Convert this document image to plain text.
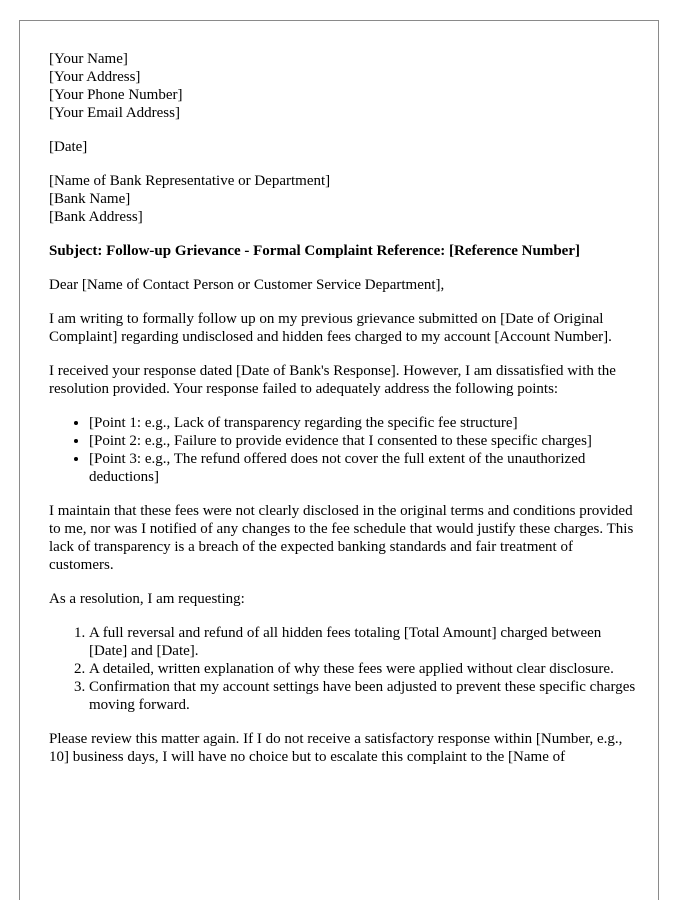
[Your Name]
[Your Address]
[Your Phone Number]
[Your Email Address]
[Date]
[Name of Bank Representative or Department]
[Bank Name]
[Bank Address]

Subject: Follow-up Grievance - Formal Complaint Reference: [Reference Number]

Dear [Name of Contact Person or Customer Service Department],

I am writing to formally follow up on my previous grievance submitted on [Date of Original Complaint] regarding undisclosed and hidden fees charged to my account [Account Number].

I received your response dated [Date of Bank's Response]. However, I am dissatisfied with the resolution provided. Your response failed to adequately address the following points:

• [Point 1: e.g., Lack of transparency regarding the specific fee structure]
• [Point 2: e.g., Failure to provide evidence that I consented to these specific charges]
• [Point 3: e.g., The refund offered does not cover the full extent of the unauthorized deductions]

I maintain that these fees were not clearly disclosed in the original terms and conditions provided to me, nor was I notified of any changes to the fee schedule that would justify these charges. This lack of transparency is a breach of the expected banking standards and fair treatment of customers.

As a resolution, I am requesting:

1. A full reversal and refund of all hidden fees totaling [Total Amount] charged between [Date] and [Date].
2. A detailed, written explanation of why these fees were applied without clear disclosure.
3. Confirmation that my account settings have been adjusted to prevent these specific charges moving forward.

Please review this matter again. If I do not receive a satisfactory response within [Number, e.g., 10] business days, I will have no choice but to escalate this complaint to the [Name of
